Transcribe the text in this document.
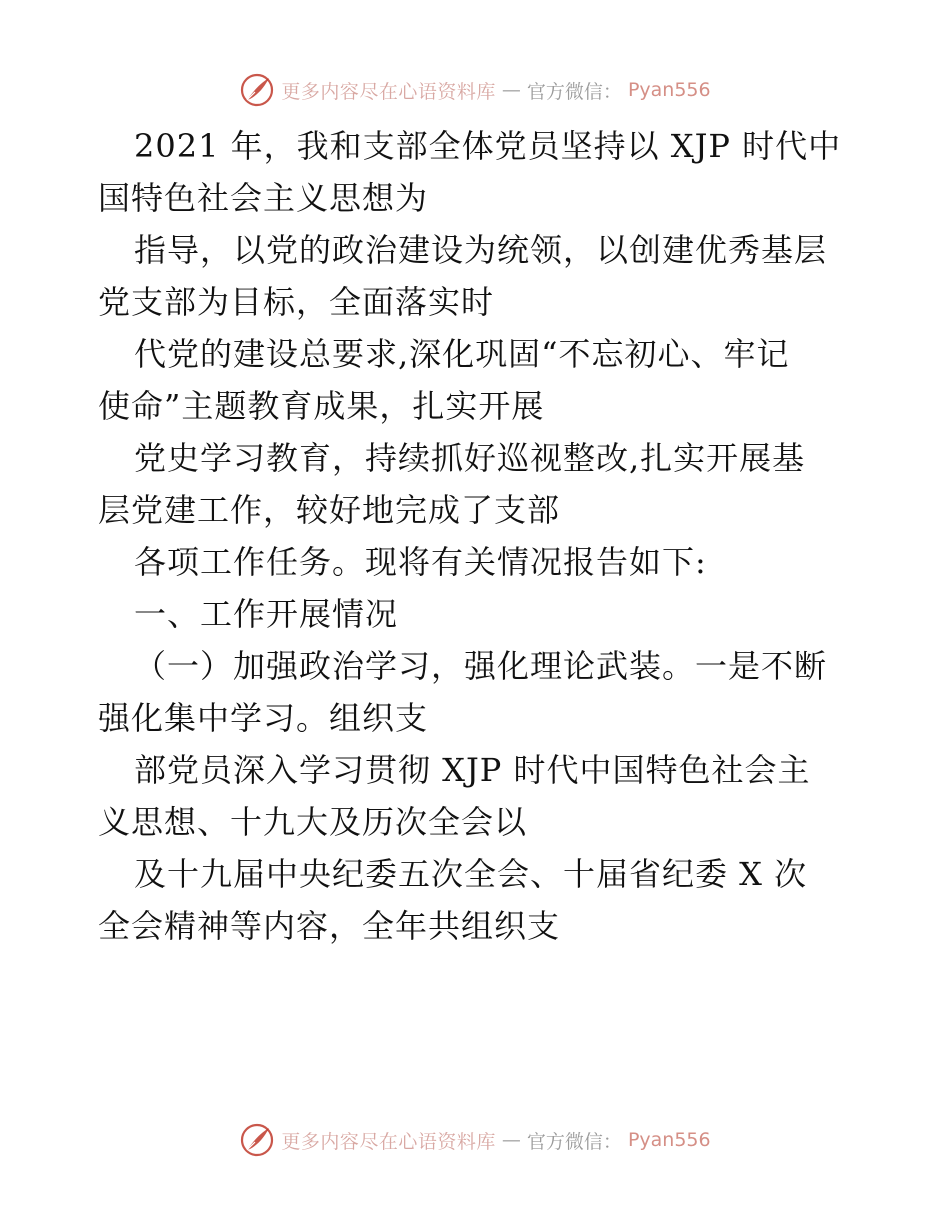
更多内容尽在心语资料库 — 官方微信： Pyan556
2021 年，我和支部全体党员坚持以 XJP 时代中
国特色社会主义思想为
指导，以党的政治建设为统领，以创建优秀基层
党支部为目标，全面落实时
代党的建设总要求,深化巩固“不忘初心、牢记
使命”主题教育成果，扎实开展
党史学习教育，持续抓好巡视整改,扎实开展基
层党建工作，较好地完成了支部
各项工作任务。现将有关情况报告如下:
一、工作开展情况
（一）加强政治学习，强化理论武装。一是不断
强化集中学习。组织支
部党员深入学习贯彻 XJP 时代中国特色社会主
义思想、十九大及历次全会以
及十九届中央纪委五次全会、十届省纪委 X 次
全会精神等内容，全年共组织支
更多内容尽在心语资料库 — 官方微信： Pyan556
